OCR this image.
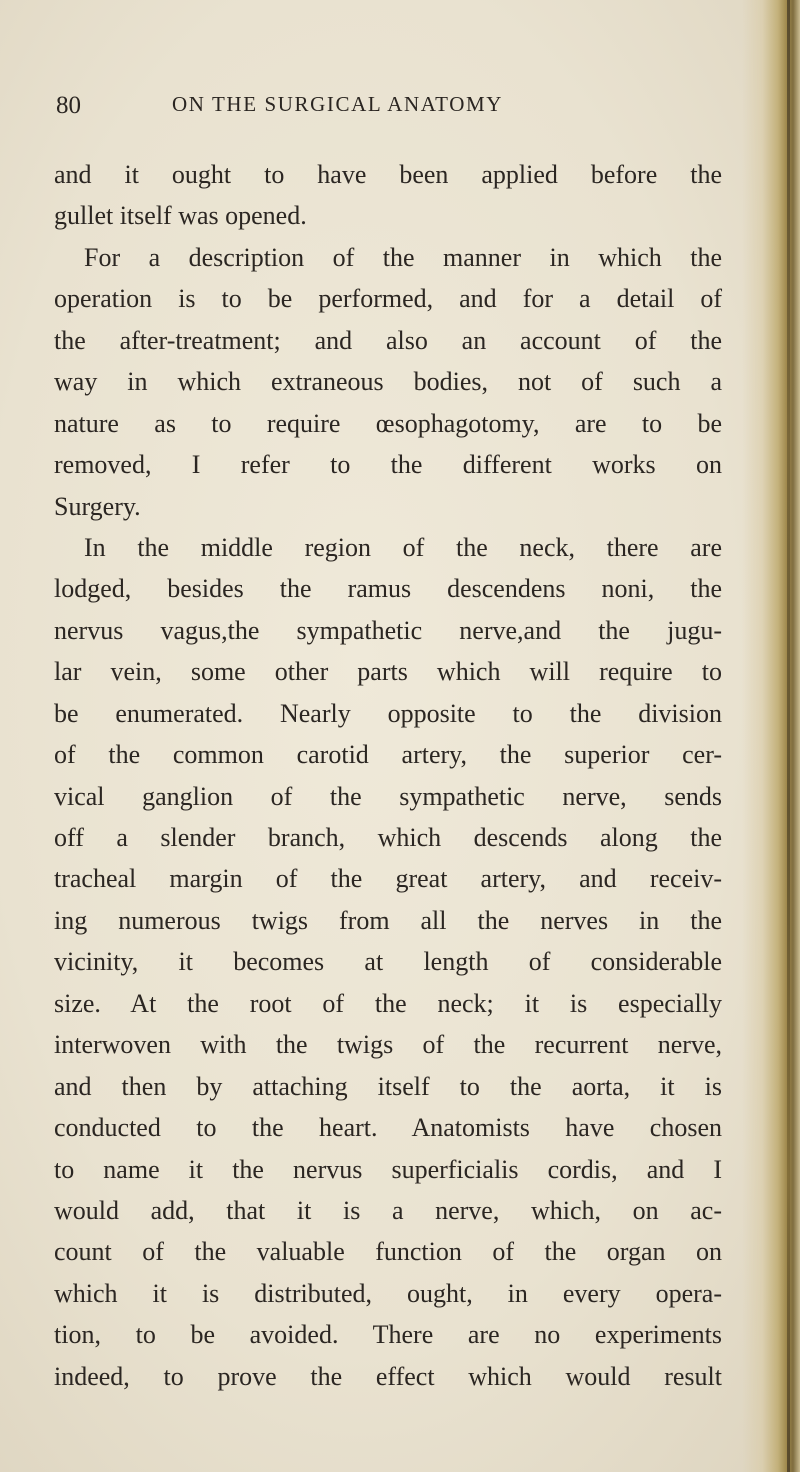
80	ON THE SURGICAL ANATOMY
and it ought to have been applied before the
gullet itself was opened.
For a description of the manner in which the
operation is to be performed, and for a detail of
the after-treatment; and also an account of the
way in which extraneous bodies, not of such a
nature as to require œsophagotomy, are to be
removed, I refer to the different works on
Surgery.
In the middle region of the neck, there are
lodged, besides the ramus descendens noni, the
nervus vagus,the sympathetic nerve,and the jugu-
lar vein, some other parts which will require to
be enumerated. Nearly opposite to the division
of the common carotid artery, the superior cer-
vical ganglion of the sympathetic nerve, sends
off a slender branch, which descends along the
tracheal margin of the great artery, and receiv-
ing numerous twigs from all the nerves in the
vicinity, it becomes at length of considerable
size. At the root of the neck; it is especially
interwoven with the twigs of the recurrent nerve,
and then by attaching itself to the aorta, it is
conducted to the heart. Anatomists have chosen
to name it the nervus superficialis cordis, and I
would add, that it is a nerve, which, on ac-
count of the valuable function of the organ on
which it is distributed, ought, in every opera-
tion, to be avoided. There are no experiments
indeed, to prove the effect which would result
